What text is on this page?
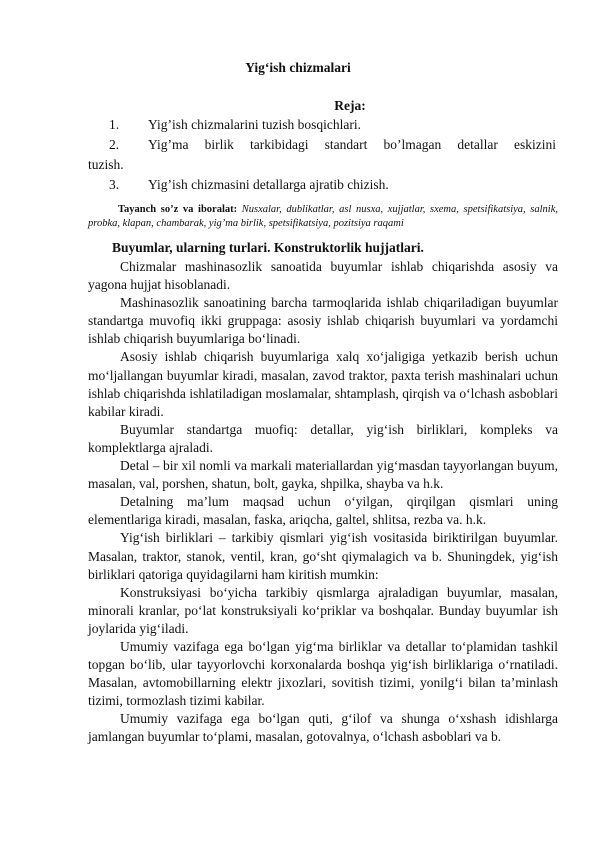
Yig‘ish chizmalari
Reja:
1.	Yig’ish chizmalarini tuzish bosqichlari.
2.	Yig’ma birlik tarkibidagi standart bo’lmagan detallar eskizini
tuzish.
3.	Yig’ish chizmasini detallarga ajratib chizish.
Tayanch so’z va iboralat: Nusxalar, dublikatlar, asl nusxa, xujjatlar, sxema, spetsifikatsiya, salnik, probka, klapan, chambarak, yig’ma birlik, spetsifikatsiya, pozitsiya raqami
Buyumlar, ularning turlari. Konstruktorlik hujjatlari.

Chizmalar mashinasozlik sanoatida buyumlar ishlab chiqarishda asosiy va yagona hujjat hisoblanadi.

Mashinasozlik sanoatining barcha tarmoqlarida ishlab chiqariladigan buyumlar standartga muvofiq ikki gruppaga: asosiy ishlab chiqarish buyumlari va yordamchi ishlab chiqarish buyumlariga bo‘linadi.

Asosiy ishlab chiqarish buyumlariga xalq xo‘jaligiga yetkazib berish uchun mo‘ljallangan buyumlar kiradi, masalan, zavod traktor, paxta terish mashinalari uchun ishlab chiqarishda ishlatiladigan moslamalar, shtamplash, qirqish va o‘lchash asboblari kabilar kiradi.

Buyumlar standartga muofiq: detallar, yig‘ish birliklari, kompleks va komplektlarga ajraladi.

Detal – bir xil nomli va markali materiallardan yig‘masdan tayyorlangan buyum, masalan, val, porshen, shatun, bolt, gayka, shpilka, shayba va h.k.

Detalning ma’lum maqsad uchun o‘yilgan, qirqilgan qismlari uning elementlariga kiradi, masalan, faska, ariqcha, galtel, shlitsa, rezba va. h.k.

Yig‘ish birliklari – tarkibiy qismlari yig‘ish vositasida biriktirilgan buyumlar. Masalan, traktor, stanok, ventil, kran, go‘sht qiymalagich va b. Shuningdek, yig‘ish birliklari qatoriga quyidagilarni ham kiritish mumkin:

Konstruksiyasi bo‘yicha tarkibiy qismlarga ajraladigan buyumlar, masalan, minorali kranlar, po‘lat konstruksiyali ko‘priklar va boshqalar. Bunday buyumlar ish joylarida yig‘iladi.

Umumiy vazifaga ega bo‘lgan yig‘ma birliklar va detallar to‘plamidan tashkil topgan bo‘lib, ular tayyorlovchi korxonalarda boshqa yig‘ish birliklariga o‘rnatiladi. Masalan, avtomobillarning elektr jixozlari, sovitish tizimi, yonilg‘i bilan ta’minlash tizimi, tormozlash tizimi kabilar.

Umumiy vazifaga ega bo‘lgan quti, g‘ilof va shunga o‘xshash idishlarga jamlangan buyumlar to‘plami, masalan, gotovalnya, o‘lchash asboblari va b.
